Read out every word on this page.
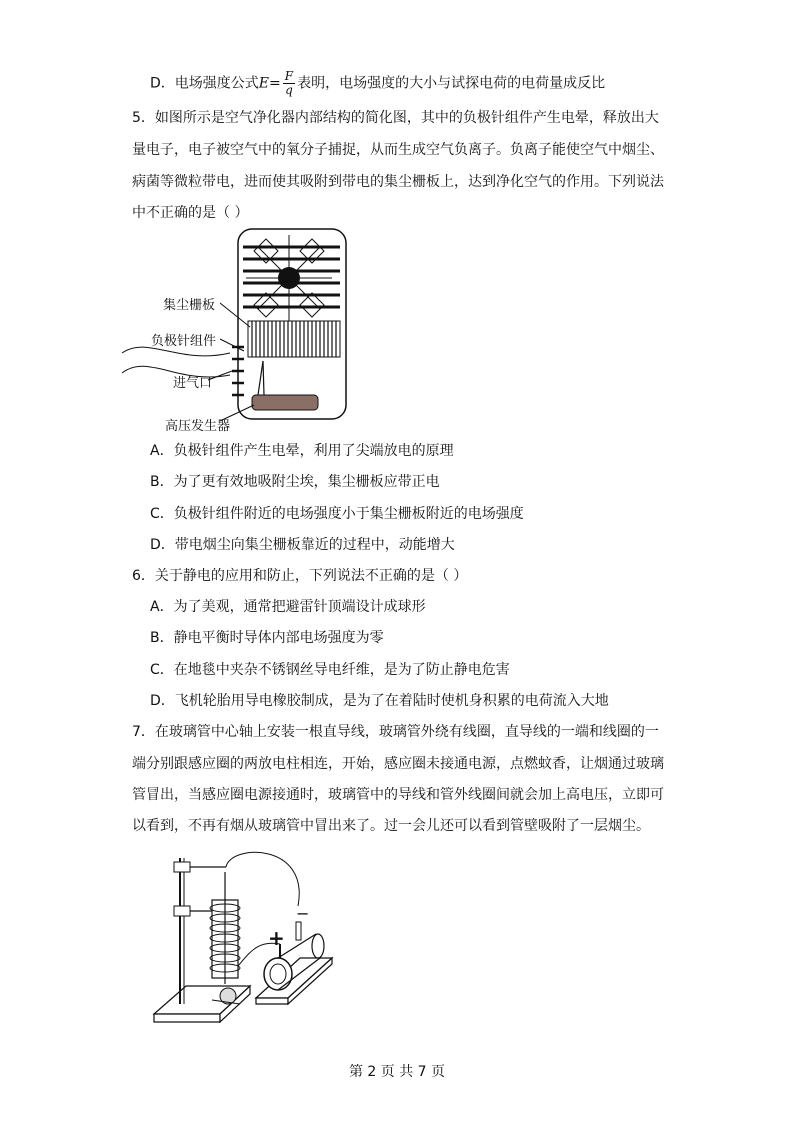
D．电场强度公式$E= \frac{F}{q}$ 表明，电场强度的大小与试探电荷的电荷量成反比
5．如图所示是空气净化器内部结构的简化图，其中的负极针组件产生电晕，释放出大
量电子，电子被空气中的氧分子捕捉，从而生成空气负离子。负离子能使空气中烟尘、
病菌等微粒带电，进而使其吸附到带电的集尘栅板上，达到净化空气的作用。下列说法
中不正确的是（ ）
集尘栅板
负极针组件
进气口
高压发生器
A．负极针组件产生电晕，利用了尖端放电的原理
B．为了更有效地吸附尘埃，集尘栅板应带正电
C．负极针组件附近的电场强度小于集尘栅板附近的电场强度
D．带电烟尘向集尘栅板靠近的过程中，动能增大
6．关于静电的应用和防止，下列说法不正确的是（ ）
A．为了美观，通常把避雷针顶端设计成球形
B．静电平衡时导体内部电场强度为零
C．在地毯中夹杂不锈钢丝导电纤维，是为了防止静电危害
D．飞机轮胎用导电橡胶制成，是为了在着陆时使机身积累的电荷流入大地
7．在玻璃管中心轴上安装一根直导线，玻璃管外绕有线圈，直导线的一端和线圈的一
端分别跟感应圈的两放电柱相连，开始，感应圈未接通电源，点燃蚊香，让烟通过玻璃
管冒出，当感应圈电源接通时，玻璃管中的导线和管外线圈间就会加上高电压，立即可
以看到，不再有烟从玻璃管中冒出来了。过一会儿还可以看到管壁吸附了一层烟尘。
+
−
第 2 页 共 7 页
